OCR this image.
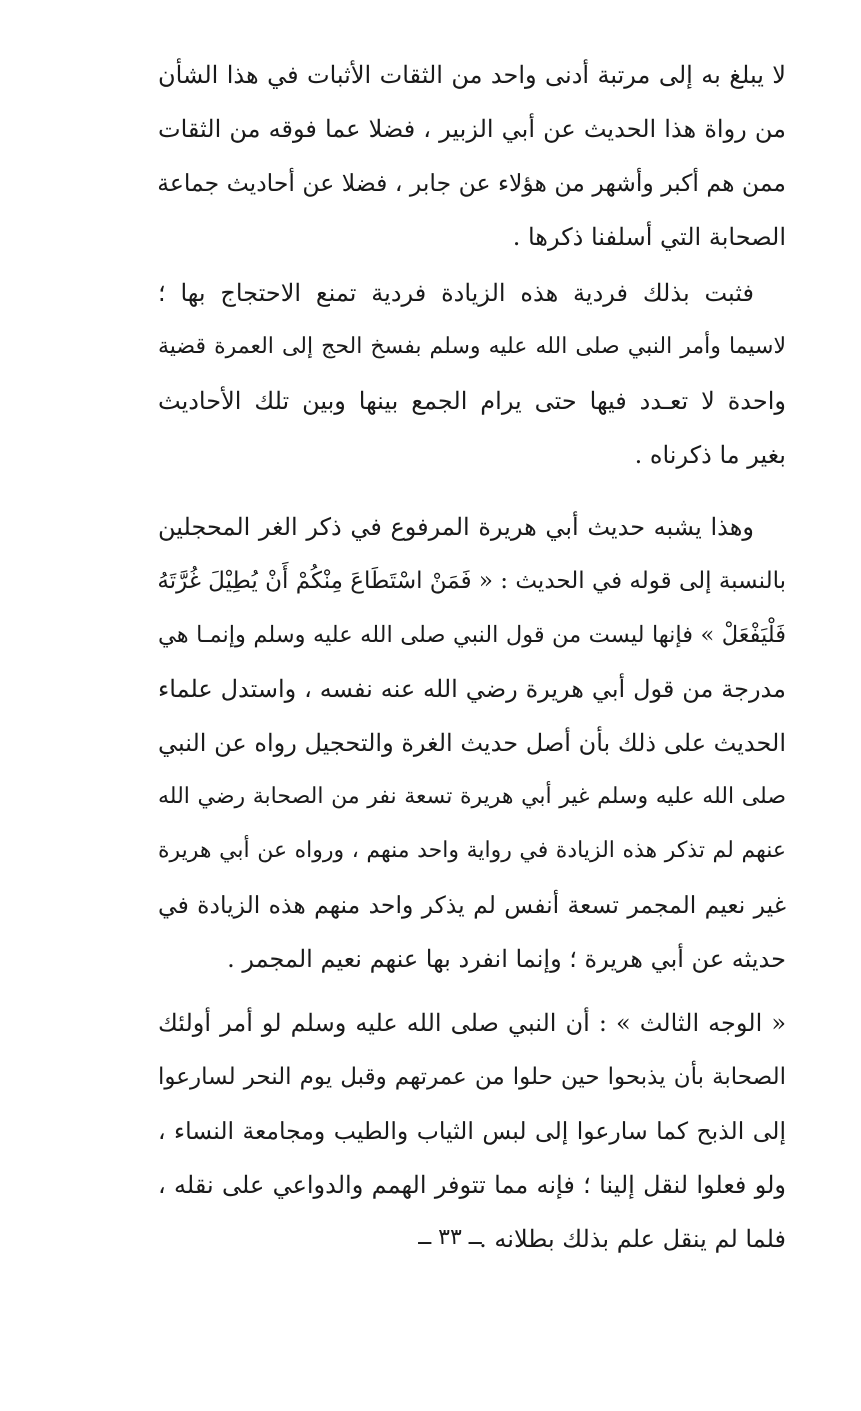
لا يبلغ به إلى مرتبة أدنى واحد من الثقات الأثبات في هذا الشأن
من رواة هذا الحديث عن أبي الزبير ، فضلا عما فوقه من الثقات
ممن هم أكبر وأشهر من هؤلاء عن جابر ، فضلا عن أحاديث جماعة
الصحابة التي أسلفنا ذكرها .
فثبت بذلك فردية هذه الزيادة فردية تمنع الاحتجاج بها ؛
لاسيما وأمر النبي صلى الله عليه وسلم بفسخ الحج إلى العمرة قضية
واحدة لا تعـدد فيها حتى يرام الجمع بينها وبين تلك الأحاديث
بغير ما ذكرناه .
وهذا يشبه حديث أبي هريرة المرفوع في ذكر الغر المحجلين
بالنسبة إلى قوله في الحديث : « فَمَنْ اسْتَطَاعَ مِنْكُمْ أَنْ يُطِيْلَ غُرَّتَهُ
فَلْيَفْعَلْ » فإنها ليست من قول النبي صلى الله عليه وسلم وإنمـا هي
مدرجة من قول أبي هريرة رضي الله عنه نفسه ، واستدل علماء
الحديث على ذلك بأن أصل حديث الغرة والتحجيل رواه عن النبي
صلى الله عليه وسلم غير أبي هريرة تسعة نفر من الصحابة رضي الله
عنهم لم تذكر هذه الزيادة في رواية واحد منهم ، ورواه عن أبي هريرة
غير نعيم المجمر تسعة أنفس لم يذكر واحد منهم هذه الزيادة في
حديثه عن أبي هريرة ؛ وإنما انفرد بها عنهم نعيم المجمر .
« الوجه الثالث » : أن النبي صلى الله عليه وسلم لو أمر أولئك
الصحابة بأن يذبحوا حين حلوا من عمرتهم وقبل يوم النحر لسارعوا
إلى الذبح كما سارعوا إلى لبس الثياب والطيب ومجامعة النساء ،
ولو فعلوا لنقل إلينا ؛ فإنه مما تتوفر الهمم والدواعي على نقله ،
فلما لم ينقل علم بذلك بطلانه .
ــ ٣٣ ــ
